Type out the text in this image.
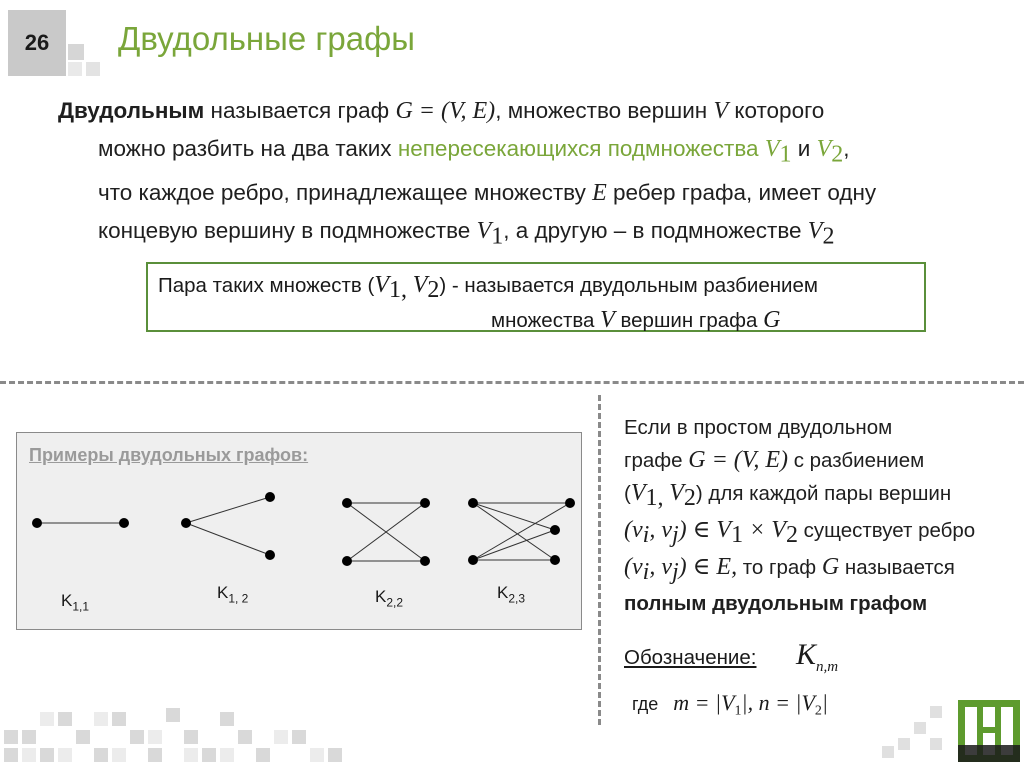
26	Двудольные графы
Двудольным называется граф G = (V, E), множество вершин V которого
можно разбить на два таких непересекающихся подмножества $V_1$ и $V_2$,
что каждое ребро, принадлежащее множеству E ребер графа, имеет одну
концевую вершину в подмножестве $V_1$, а другую – в подмножестве $V_2$
Пара таких множеств ($V_{1,}$ $V_2$) - называется двудольным разбиением
множества V вершин графа G
Примеры двудольных графов:
$K_{1,1}$
$K_{1, 2}$	$K_{2,2}$
$K_{2,3}$
Если в простом двудольном
графе G = (V, E) с разбиением
($V_{1,}$ $V_2$) для каждой пары вершин
($v_i$, $v_j$) ∈ $V_1 \times V_2$ существует ребро
($v_i$, $v_j$) ∈ E, то граф G называется
полным двудольным графом
Обозначение: $K_{n,m}$
где $m = |V_1|$, $n = |V_2|$
